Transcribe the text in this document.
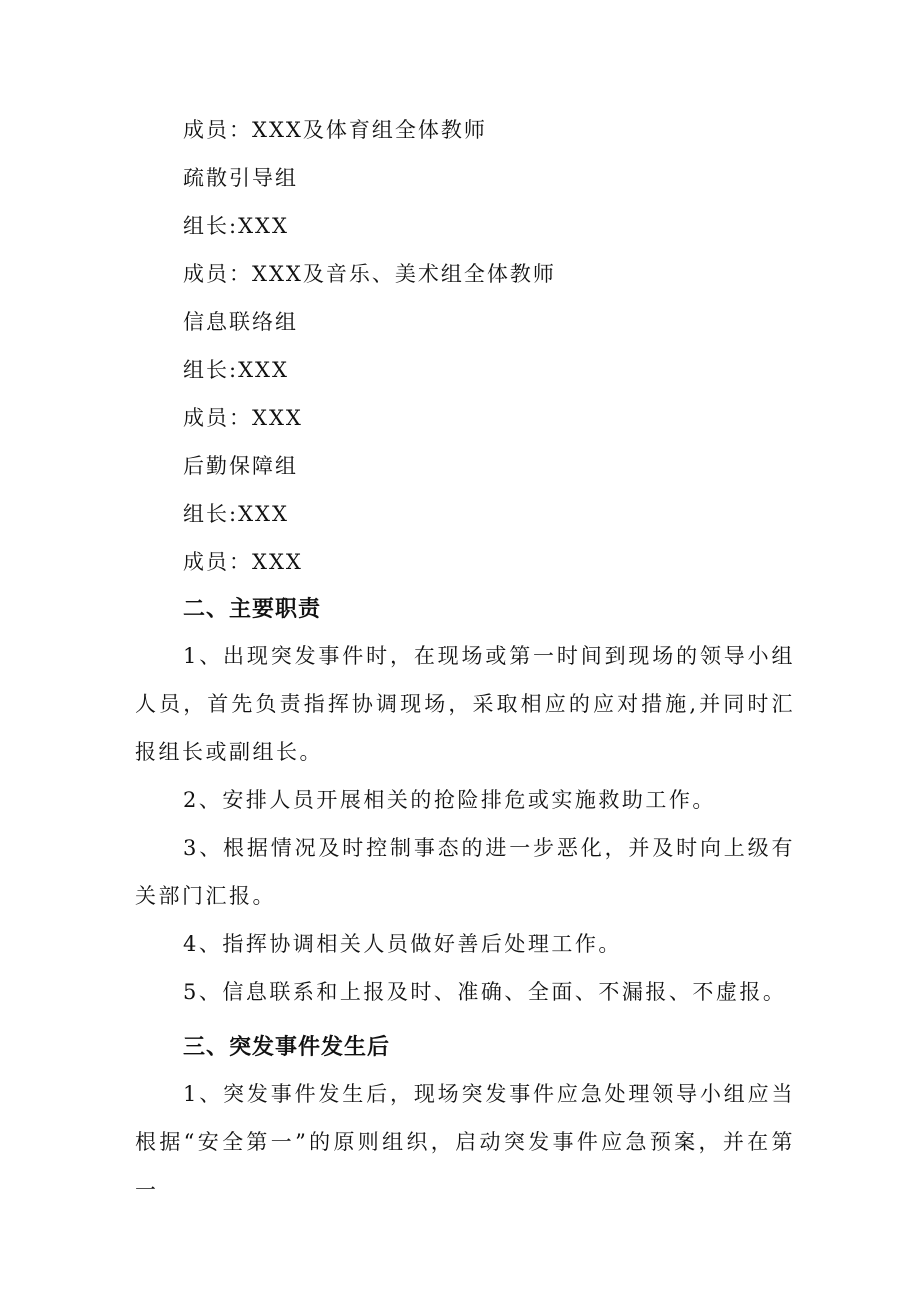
成员：XXX及体育组全体教师

疏散引导组

组长:XXX

成员：XXX及音乐、美术组全体教师

信息联络组

组长:XXX

成员：XXX

后勤保障组

组长:XXX

成员：XXX

二、主要职责

1、出现突发事件时，在现场或第一时间到现场的领导小组人员，首先负责指挥协调现场，采取相应的应对措施,并同时汇报组长或副组长。

2、安排人员开展相关的抢险排危或实施救助工作。

3、根据情况及时控制事态的进一步恶化，并及时向上级有关部门汇报。

4、指挥协调相关人员做好善后处理工作。

5、信息联系和上报及时、准确、全面、不漏报、不虚报。

三、突发事件发生后

1、突发事件发生后，现场突发事件应急处理领导小组应当根据“安全第一”的原则组织，启动突发事件应急预案，并在第一
